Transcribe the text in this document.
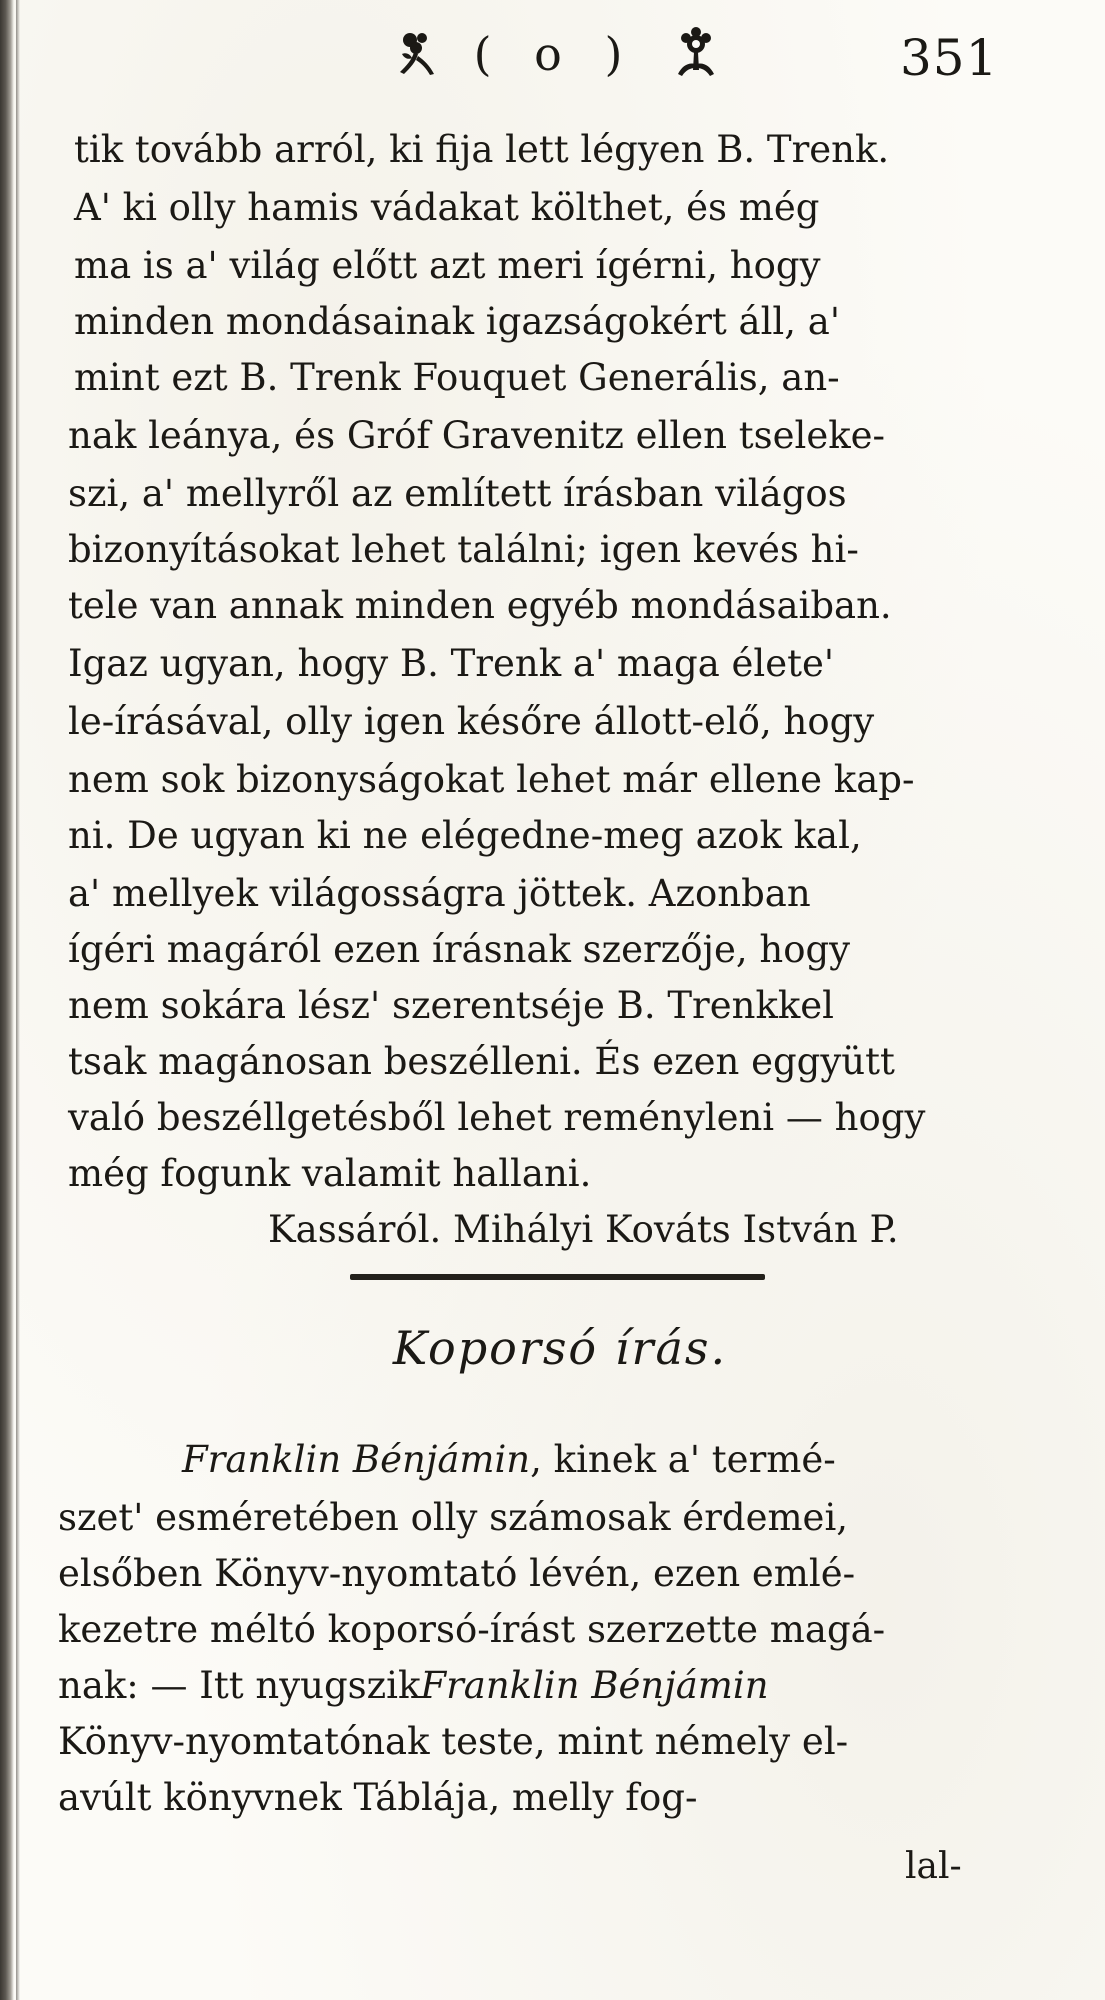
( o )	351
tik tovább arról, ki fija lett légyen B. Trenk.
A' ki olly hamis vádakat költhet, és még
ma is a' világ előtt azt meri ígérni, hogy
minden mondásainak igazságokért áll, a'
mint ezt B. Trenk Fouquet Generális, an-
nak leánya, és Gróf Gravenitz ellen tseleke-
szi, a' mellyről az említett írásban világos
bizonyításokat lehet találni; igen kevés hi-
tele van annak minden egyéb mondásaiban.
Igaz ugyan, hogy B. Trenk a' maga élete'
le-írásával, olly igen későre állott-elő, hogy
nem sok bizonyságokat lehet már ellene kap-
ni. De ugyan ki ne elégedne-meg azok kal,
a' mellyek világosságra jöttek. Azonban
ígéri magáról ezen írásnak szerzője, hogy
nem sokára lész' szerentséje B. Trenkkel
tsak magánosan beszélleni. És ezen eggyütt
való beszéllgetésből lehet reményleni — hogy
még fogunk valamit hallani.
Kassáról. Mihályi Kováts István P.
Koporsó írás.
Franklin Bénjámin , kinek a' termé-
szet' esméretében olly számosak érdemei,
elsőben Könyv-nyomtató lévén, ezen emlé-
kezetre méltó koporsó-írást szerzette magá-
nak: — Itt nyugszik Franklin Bénjámin
Könyv-nyomtatónak teste, mint némely el-
avúlt könyvnek Táblája, melly fog-
lal-
